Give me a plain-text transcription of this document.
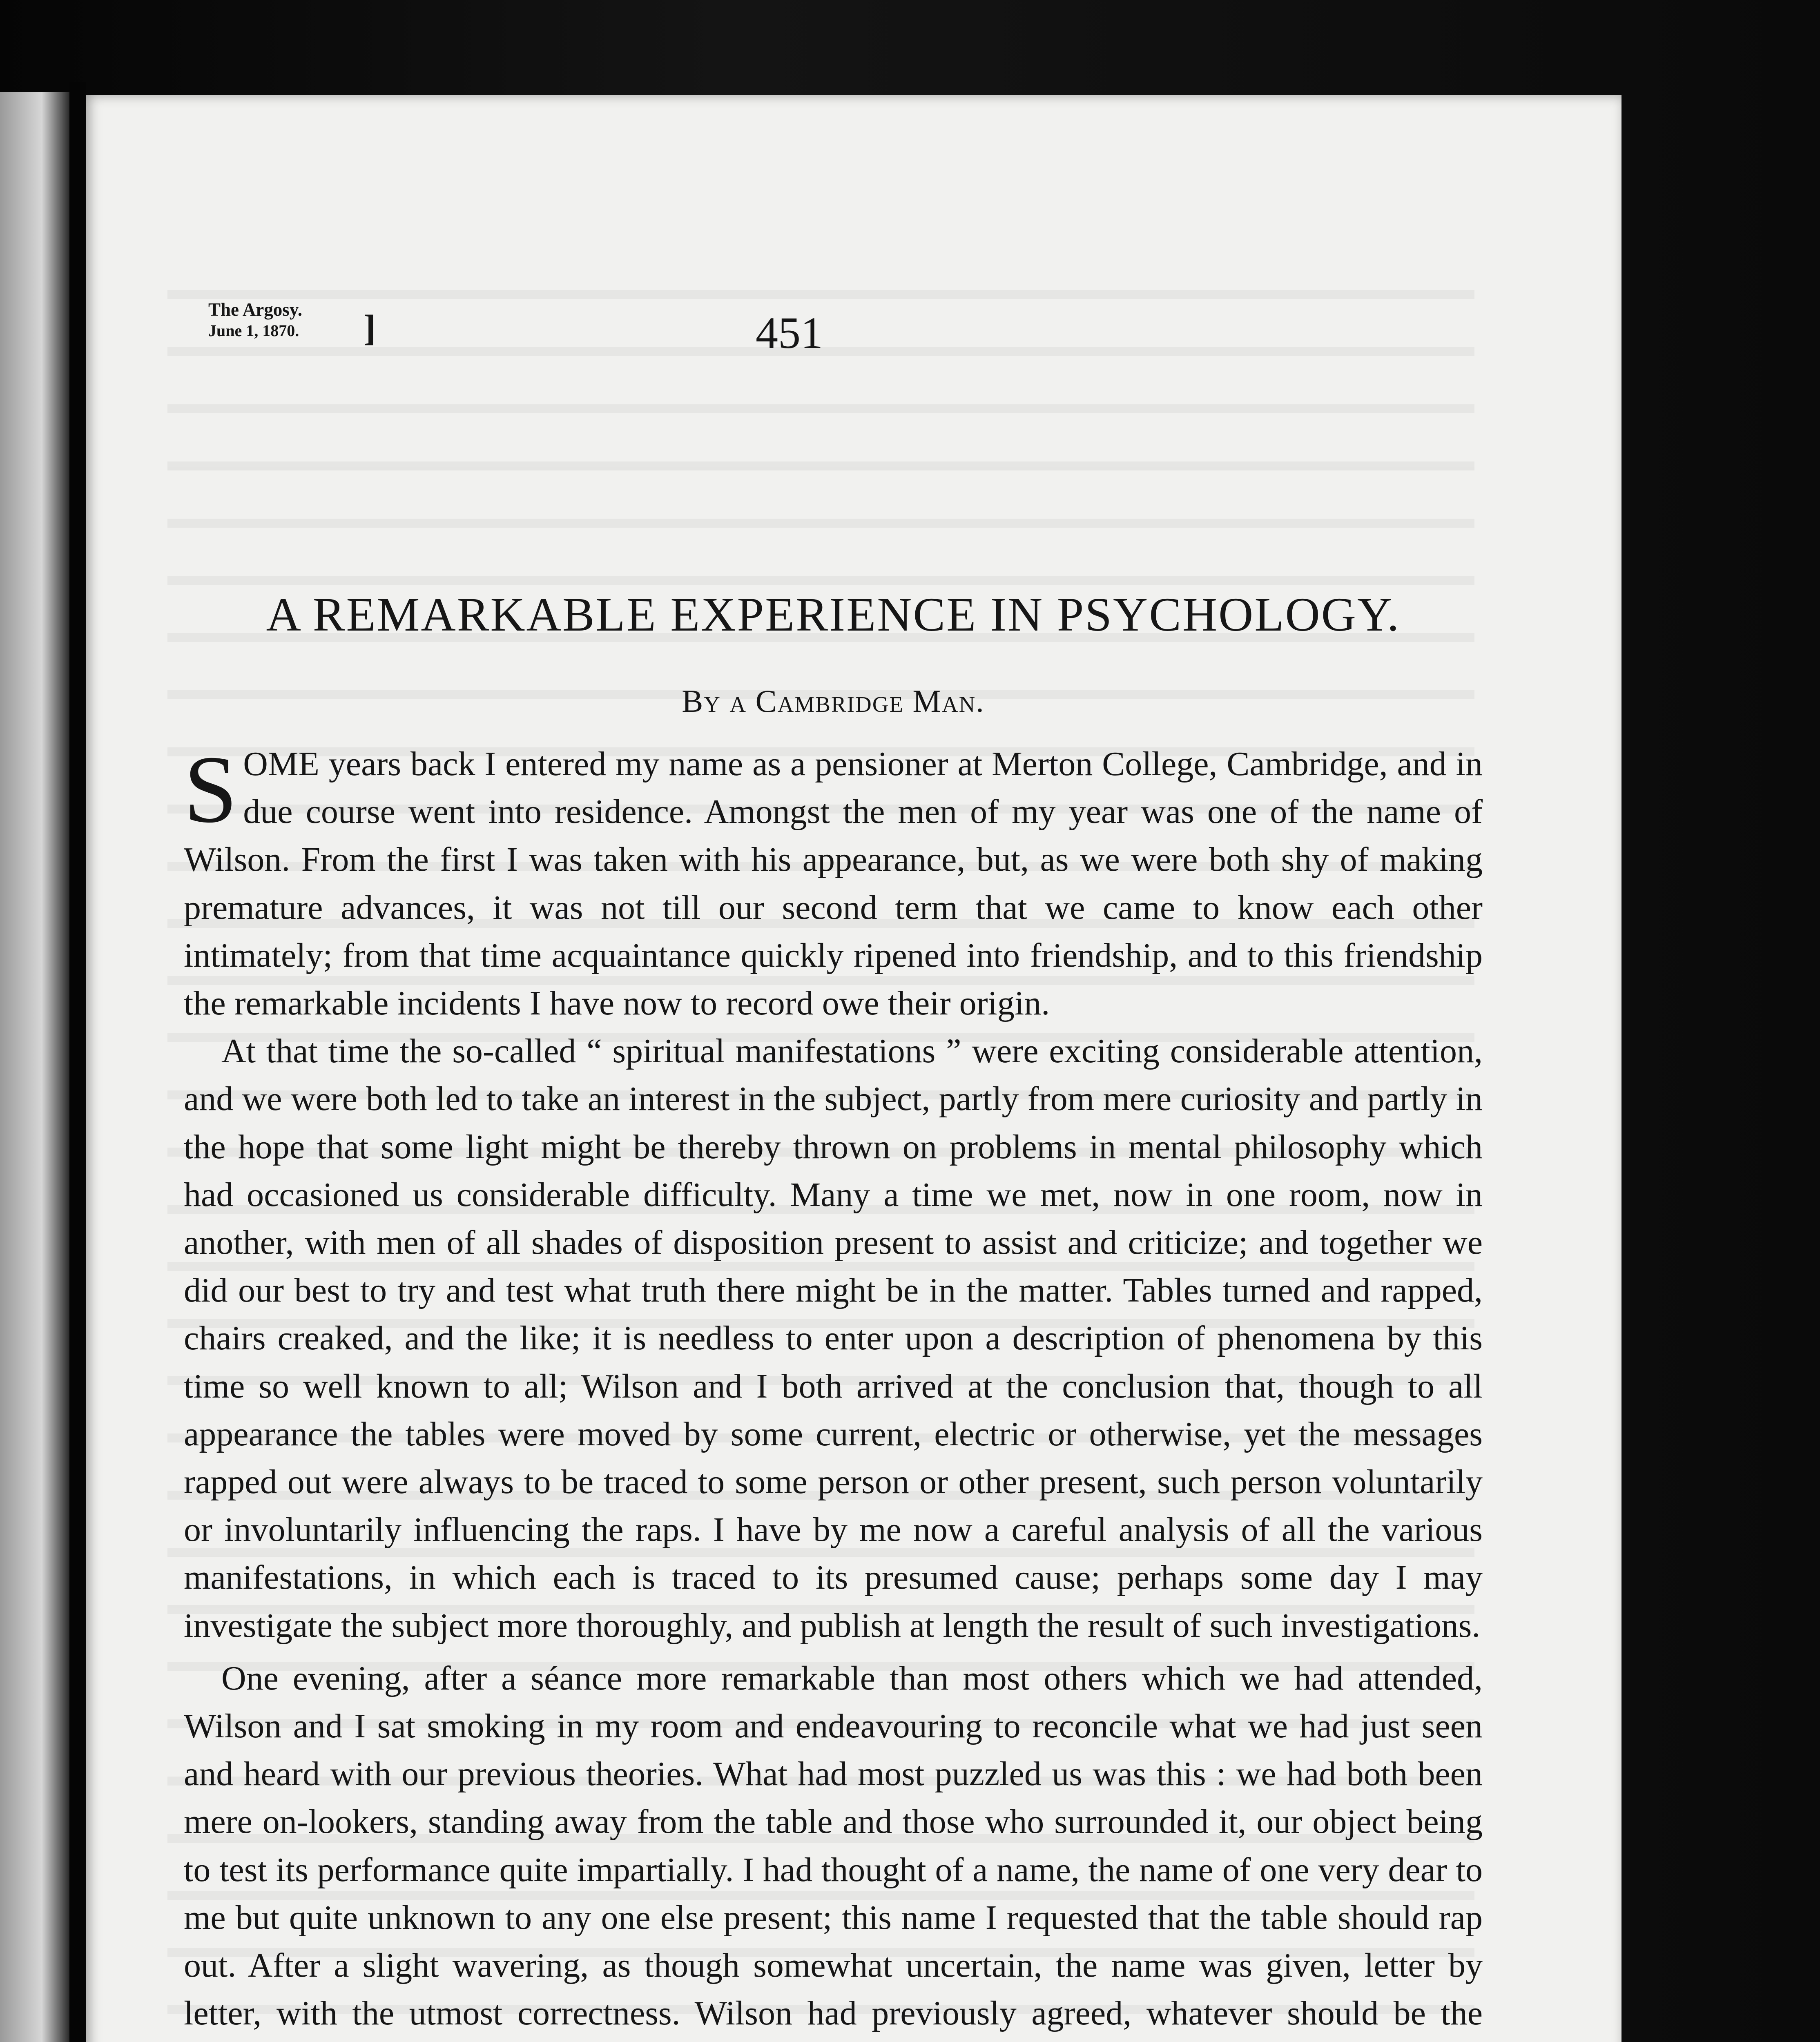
The Argosy.
June 1, 1870. ]	451
A REMARKABLE EXPERIENCE IN PSYCHOLOGY.
By a Cambridge Man.

SOME years back I entered my name as a pensioner at Merton College, Cambridge, and in due course went into residence. Amongst the men of my year was one of the name of Wilson. From the first I was taken with his appearance, but, as we were both shy of making premature advances, it was not till our second term that we came to know each other intimately; from that time acquaintance quickly ripened into friendship, and to this friendship the remarkable incidents I have now to record owe their origin.

At that time the so-called “ spiritual manifestations ” were exciting considerable attention, and we were both led to take an interest in the subject, partly from mere curiosity and partly in the hope that some light might be thereby thrown on problems in mental philosophy which had occasioned us considerable difficulty. Many a time we met, now in one room, now in another, with men of all shades of disposition present to assist and criticize; and together we did our best to try and test what truth there might be in the matter. Tables turned and rapped, chairs creaked, and the like; it is needless to enter upon a description of phenomena by this time so well known to all; Wilson and I both arrived at the conclusion that, though to all appearance the tables were moved by some current, electric or otherwise, yet the messages rapped out were always to be traced to some person or other present, such person voluntarily or involuntarily influencing the raps. I have by me now a careful analysis of all the various manifestations, in which each is traced to its presumed cause; perhaps some day I may investigate the subject more thoroughly, and publish at length the result of such investigations.

One evening, after a séance more remarkable than most others which we had attended, Wilson and I sat smoking in my room and endeavouring to reconcile what we had just seen and heard with our previous theories. What had most puzzled us was this : we had both been mere on-lookers, standing away from the table and those who surrounded it, our object being to test its performance quite impartially. I had thought of a name, the name of one very dear to me but quite unknown to any one else present; this name I requested that the table should rap out. After a slight wavering, as though somewhat uncertain, the name was given, letter by letter, with the utmost correctness. Wilson had previously agreed, whatever should be the
